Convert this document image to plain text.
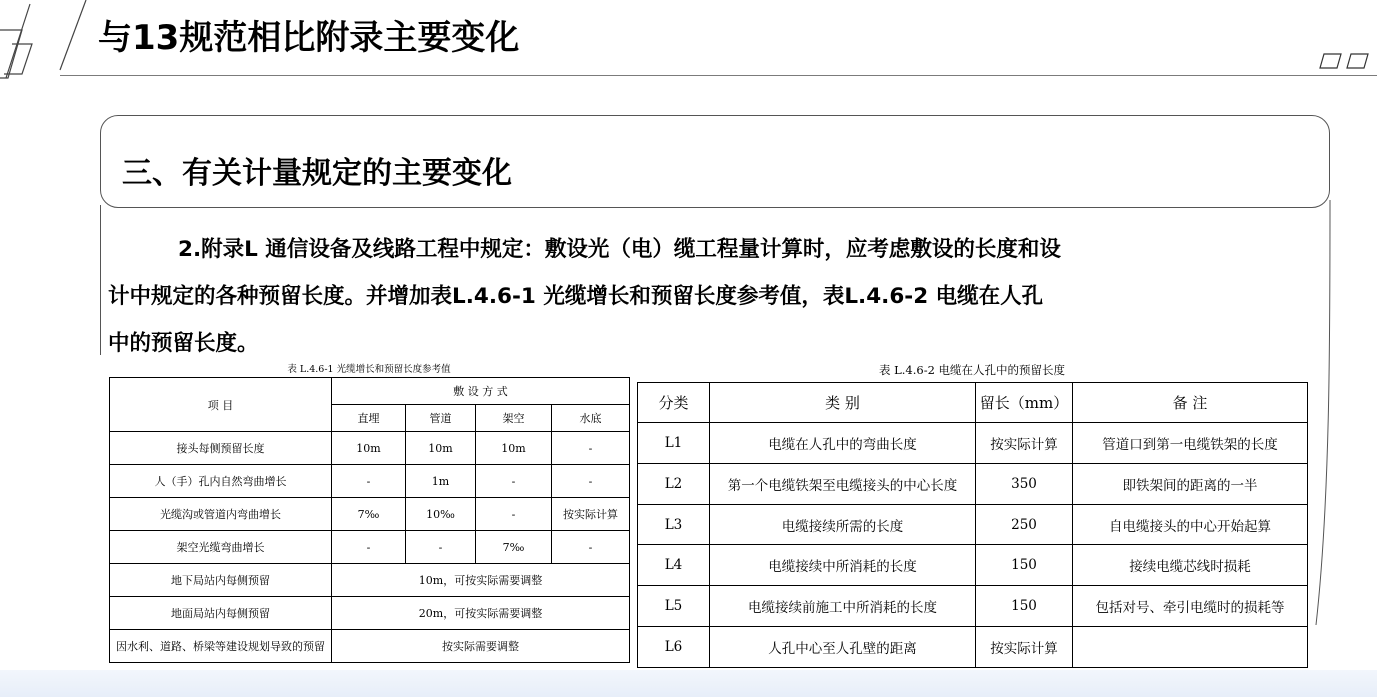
与13规范相比附录主要变化
三、有关计量规定的主要变化
2.附录L 通信设备及线路工程中规定：敷设光（电）缆工程量计算时，应考虑敷设的长度和设
计中规定的各种预留长度。并增加表L.4.6-1 光缆增长和预留长度参考值，表L.4.6-2 电缆在人孔
中的预留长度。
表 L.4.6-1 光缆增长和预留长度参考值
项 目	敷 设 方 式			
	直埋	管道	架空	水底
接头每侧预留长度	10m	10m	10m	-
人（手）孔内自然弯曲增长	-	1m	-	-
光缆沟或管道内弯曲增长	7‰	10‰	-	按实际计算
架空光缆弯曲增长	-	-	7‰	-
地下局站内每侧预留	10m，可按实际需要调整			
地面局站内每侧预留	20m，可按实际需要调整			
因水利、道路、桥梁等建设规划导致的预留	按实际需要调整			
表 L.4.6-2 电缆在人孔中的预留长度
分类	类 别	留长（mm）	备 注
L1	电缆在人孔中的弯曲长度	按实际计算	管道口到第一电缆铁架的长度
L2	第一个电缆铁架至电缆接头的中心长度	350	即铁架间的距离的一半
L3	电缆接续所需的长度	250	自电缆接头的中心开始起算
L4	电缆接续中所消耗的长度	150	接续电缆芯线时损耗
L5	电缆接续前施工中所消耗的长度	150	包括对号、牵引电缆时的损耗等
L6	人孔中心至人孔壁的距离	按实际计算	
